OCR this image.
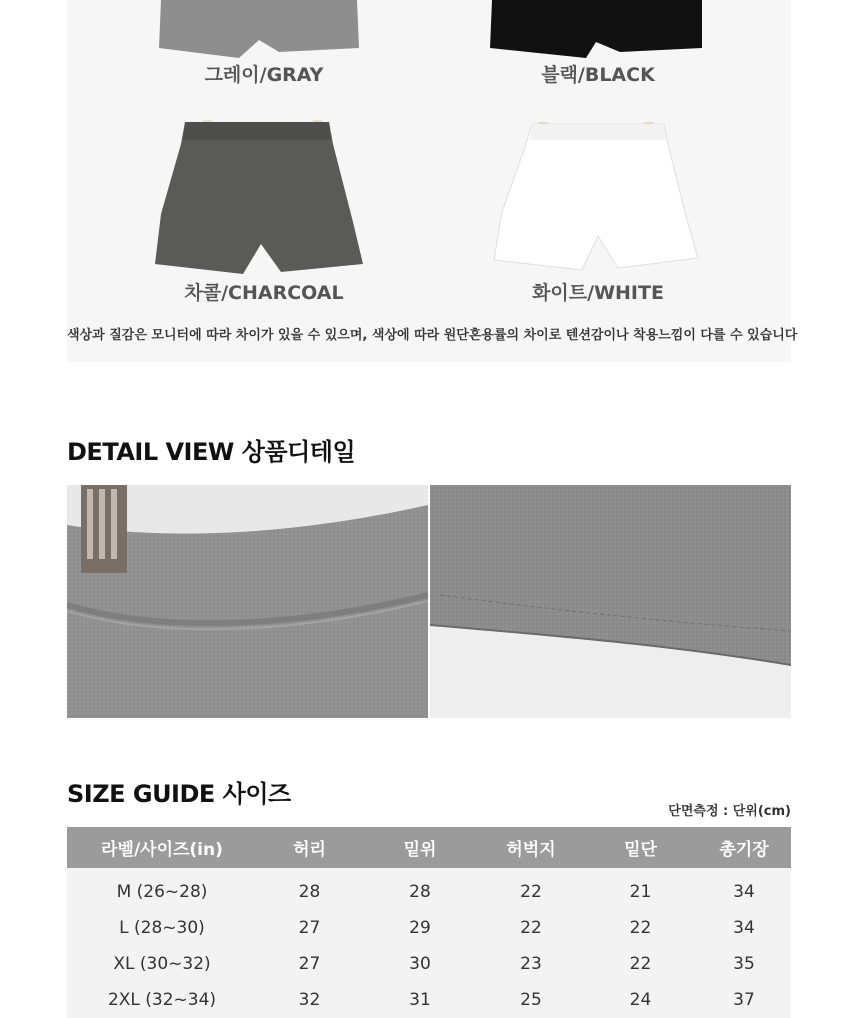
그레이/GRAY	블랙/BLACK
차콜/CHARCOAL	화이트/WHITE
색상과 질감은 모니터에 따라 차이가 있을 수 있으며, 색상에 따라 원단혼용률의 차이로 텐션감이나 착용느낌이 다를 수 있습니다
DETAIL VIEW 상품디테일
SIZE GUIDE 사이즈
단면측정 : 단위(cm)
라벨/사이즈(in)	허리	밑위	허벅지	밑단	총기장
M (26~28)	28	28	22	21	34
L (28~30)	27	29	22	22	34
XL (30~32)	27	30	23	22	35
2XL (32~34)	32	31	25	24	37
